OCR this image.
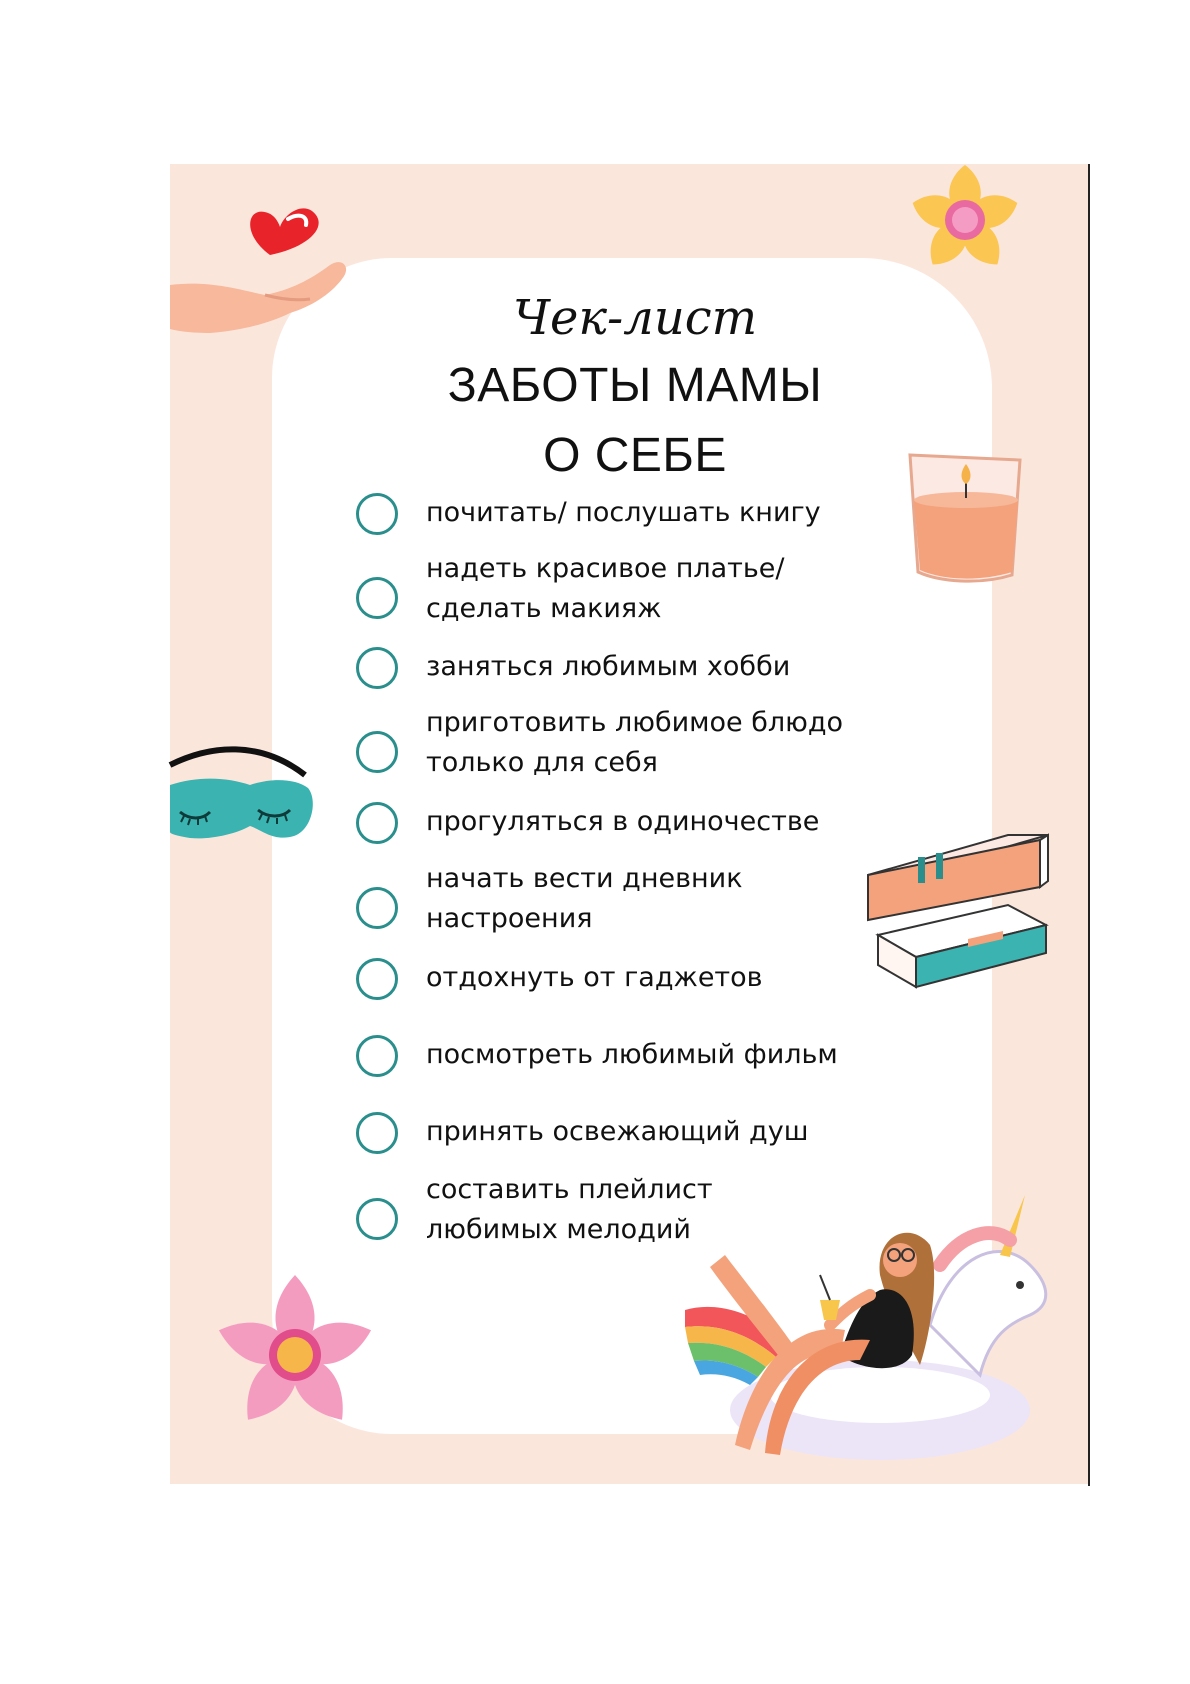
Чек-лист
ЗАБОТЫ МАМЫ
О СЕБЕ
почитать/ послушать книгу
надеть красивое платье/
сделать макияж
заняться любимым хобби
приготовить любимое блюдо
только для себя
прогуляться в одиночестве
начать вести дневник
настроения
отдохнуть от гаджетов
посмотреть любимый фильм
принять освежающий душ
составить плейлист
любимых мелодий
